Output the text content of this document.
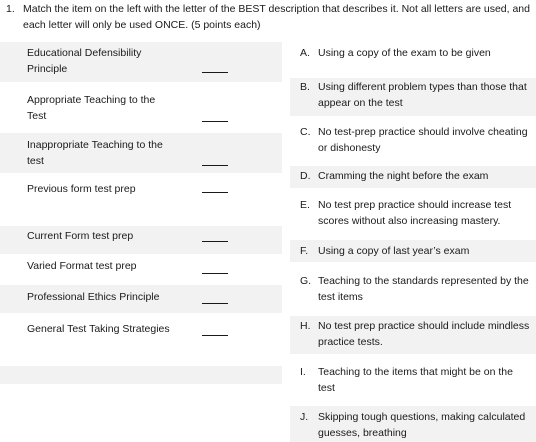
1. Match the item on the left with the letter of the BEST description that describes it. Not all letters are used, and each letter will only be used ONCE. (5 points each)
Educational Defensibility Principle
Appropriate Teaching to the Test
Inappropriate Teaching to the test
Previous form test prep
Current Form test prep
Varied Format test prep
Professional Ethics Principle
General Test Taking Strategies
A. Using a copy of the exam to be given
B. Using different problem types than those that appear on the test
C. No test-prep practice should involve cheating or dishonesty
D. Cramming the night before the exam
E. No test prep practice should increase test scores without also increasing mastery.
F. Using a copy of last year’s exam
G. Teaching to the standards represented by the test items
H. No test prep practice should include mindless practice tests.
I.	Teaching to the items that might be on the test
J. Skipping tough questions, making calculated guesses, breathing
